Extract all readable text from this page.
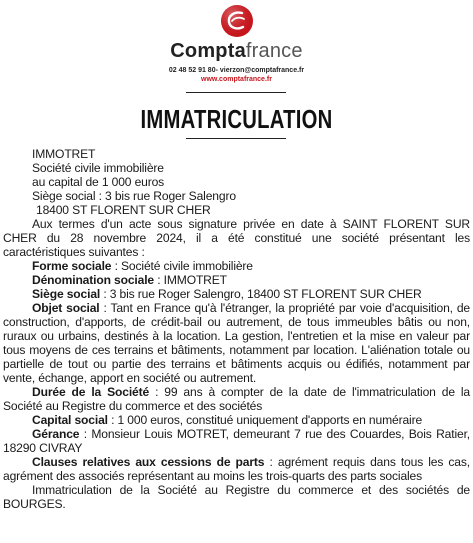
Comptafrance
02 48 52 91 80- vierzon@comptafrance.fr
www.comptafrance.fr
IMMATRICULATION

IMMOTRET

Société civile immobilière

au capital de 1 000 euros

Siège social : 3 bis rue Roger Salengro

18400 ST FLORENT SUR CHER

Aux termes d'un acte sous signature privée en date à SAINT FLORENT SUR CHER du 28 novembre 2024, il a été constitué une société présentant les caractéristiques suivantes :

Forme sociale : Société civile immobilière

Dénomination sociale : IMMOTRET

Siège social : 3 bis rue Roger Salengro, 18400 ST FLORENT SUR CHER

Objet social : Tant en France qu'à l'étranger, la propriété par voie d'acquisition, de construction, d'apports, de crédit-bail ou autrement, de tous immeubles bâtis ou non, ruraux ou urbains, destinés à la location. La gestion, l'entretien et la mise en valeur par tous moyens de ces terrains et bâtiments, notamment par location. L'aliénation totale ou partielle de tout ou partie des terrains et bâtiments acquis ou édifiés, notamment par vente, échange, apport en société ou autrement.

Durée de la Société : 99 ans à compter de la date de l'immatriculation de la Société au Registre du commerce et des sociétés

Capital social : 1 000 euros, constitué uniquement d'apports en numéraire

Gérance : Monsieur Louis MOTRET, demeurant 7 rue des Couardes, Bois Ratier, 18290 CIVRAY

Clauses relatives aux cessions de parts : agrément requis dans tous les cas, agrément des associés représentant au moins les trois-quarts des parts sociales

Immatriculation de la Société au Registre du commerce et des sociétés de BOURGES.
